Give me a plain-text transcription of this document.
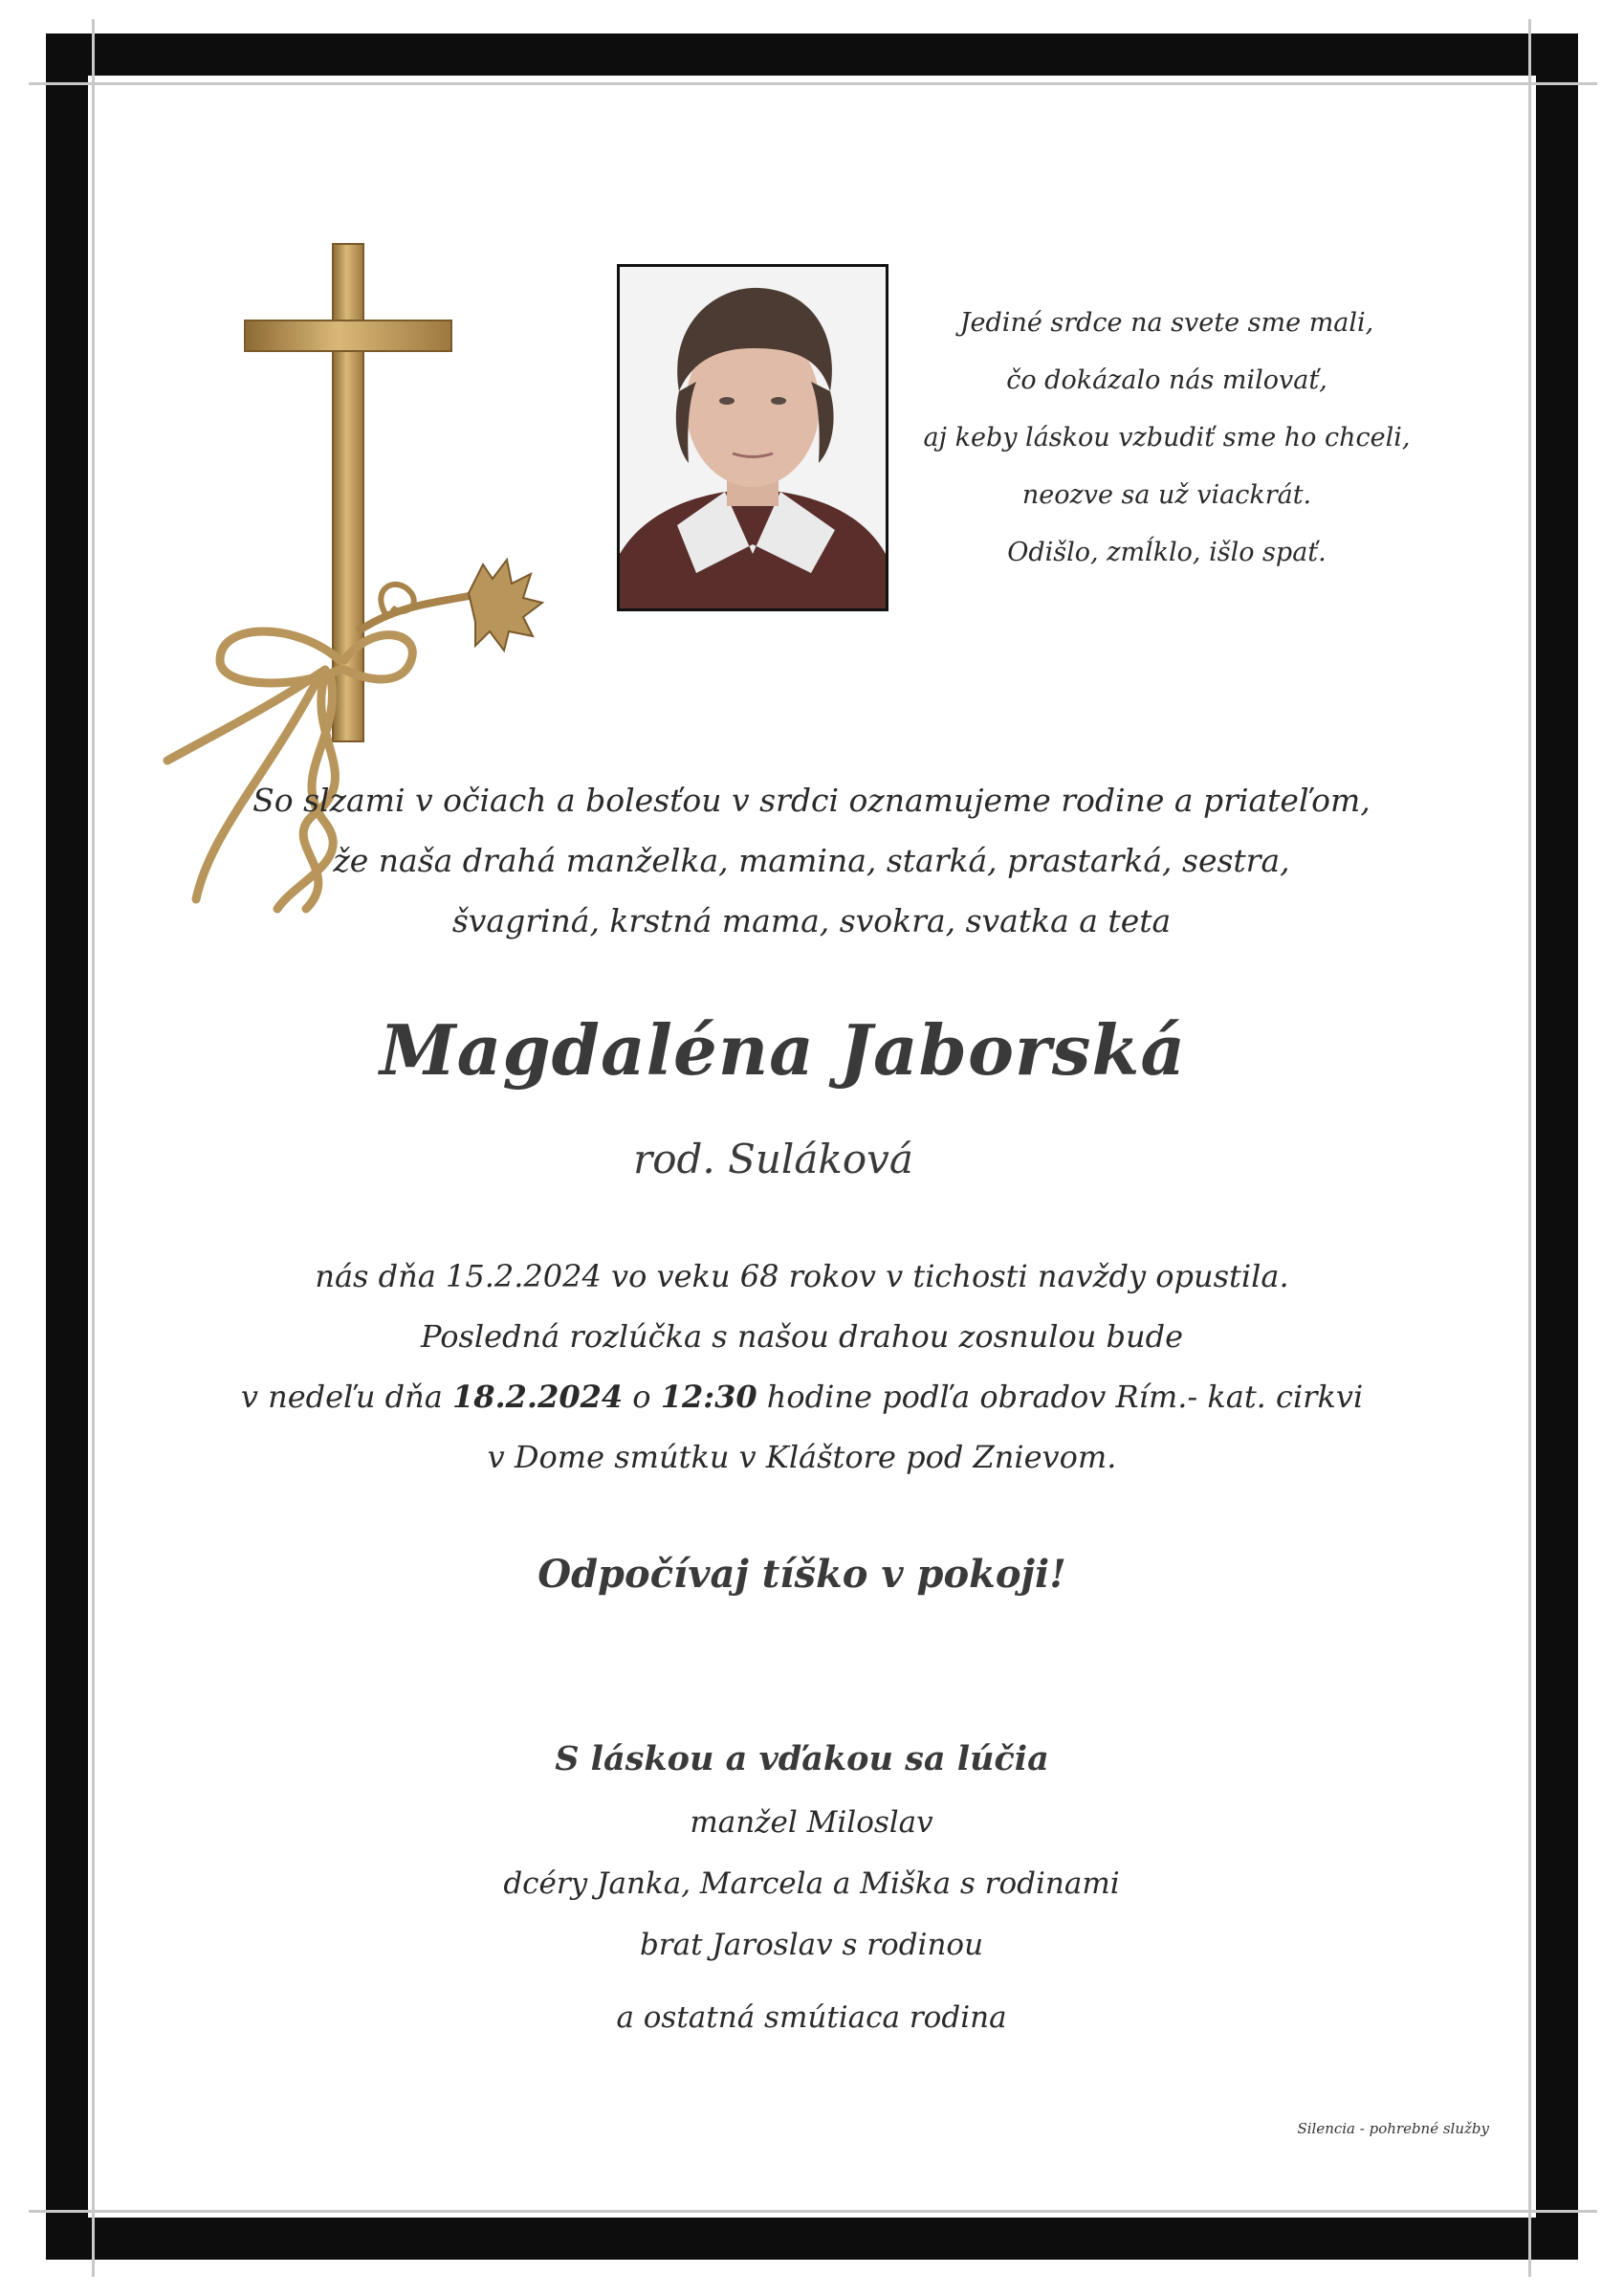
Jediné srdce na svete sme mali,
čo dokázalo nás milovať,
aj keby láskou vzbudiť sme ho chceli,
neozve sa už viackrát.
Odišlo, zmĺklo, išlo spať.
So slzami v očiach a bolesťou v srdci oznamujeme rodine a priateľom,
že naša drahá manželka, mamina, starká, prastarká, sestra,
švagriná, krstná mama, svokra, svatka a teta
Magdaléna Jaborská
rod. Suláková
nás dňa 15.2.2024 vo veku 68 rokov v tichosti navždy opustila.
Posledná rozlúčka s našou drahou zosnulou bude
v nedeľu dňa 18.2.2024 o 12:30 hodine podľa obradov Rím.- kat. cirkvi
v Dome smútku v Kláštore pod Znievom.
Odpočívaj tíško v pokoji!
S láskou a vďakou sa lúčia
manžel Miloslav
dcéry Janka, Marcela a Miška s rodinami
brat Jaroslav s rodinou
a ostatná smútiaca rodina
Silencia - pohrebné služby
